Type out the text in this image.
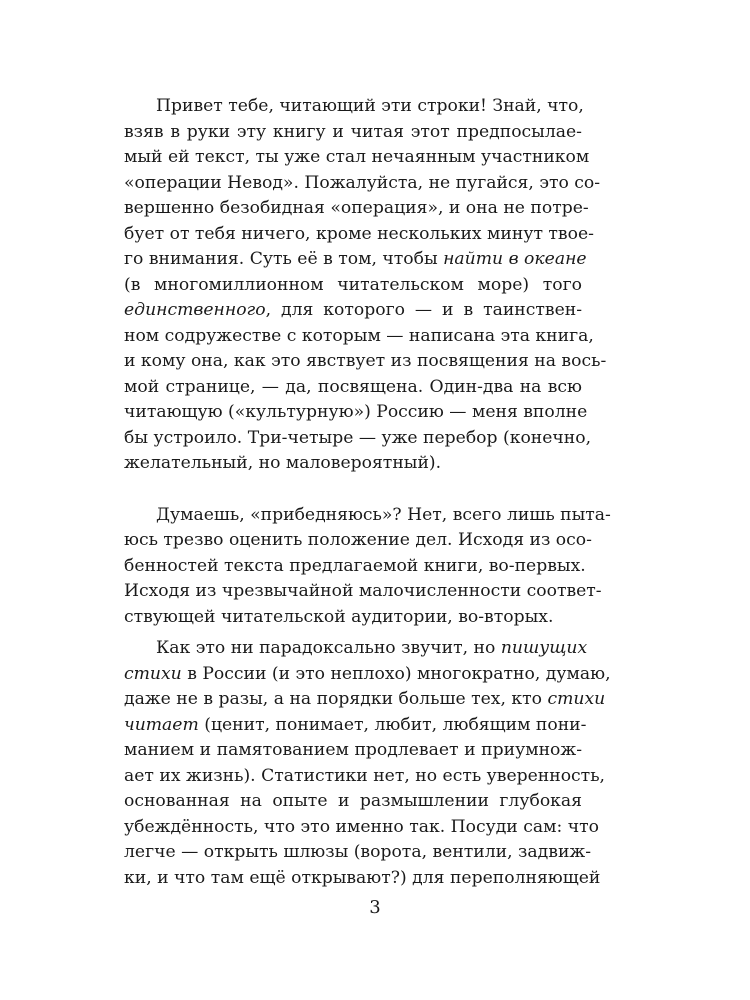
Привет тебе, читающий эти строки! Знай, что,
взяв в руки эту книгу и читая этот предпосылае-
мый ей текст, ты уже стал нечаянным участником
«операции Невод». Пожалуйста, не пугайся, это со-
вершенно безобидная «операция», и она не потре-
бует от тебя ничего, кроме нескольких минут твое-
го внимания. Суть её в том, чтобы найти в океане
(в многомиллионном читательском море) того
единственного, для которого — и в таинствен-
ном содружестве с которым — написана эта книга,
и кому она, как это явствует из посвящения на вось-
мой странице, — да, посвящена. Один-два на всю
читающую («культурную») Россию — меня вполне
бы устроило. Три-четыре — уже перебор (конечно,
желательный, но маловероятный).
Думаешь, «прибедняюсь»? Нет, всего лишь пыта-
юсь трезво оценить положение дел. Исходя из осо-
бенностей текста предлагаемой книги, во-первых.
Исходя из чрезвычайной малочисленности соответ-
ствующей читательской аудитории, во-вторых.
Как это ни парадоксально звучит, но пишущих
стихи в России (и это неплохо) многократно, думаю,
даже не в разы, а на порядки больше тех, кто стихи
читает (ценит, понимает, любит, любящим пони-
манием и памятованием продлевает и приумнож-
ает их жизнь). Статистики нет, но есть уверенность,
основанная на опыте и размышлении глубокая
убеждённость, что это именно так. Посуди сам: что
легче — открыть шлюзы (ворота, вентили, задвиж-
ки, и что там ещё открывают?) для переполняющей
3
